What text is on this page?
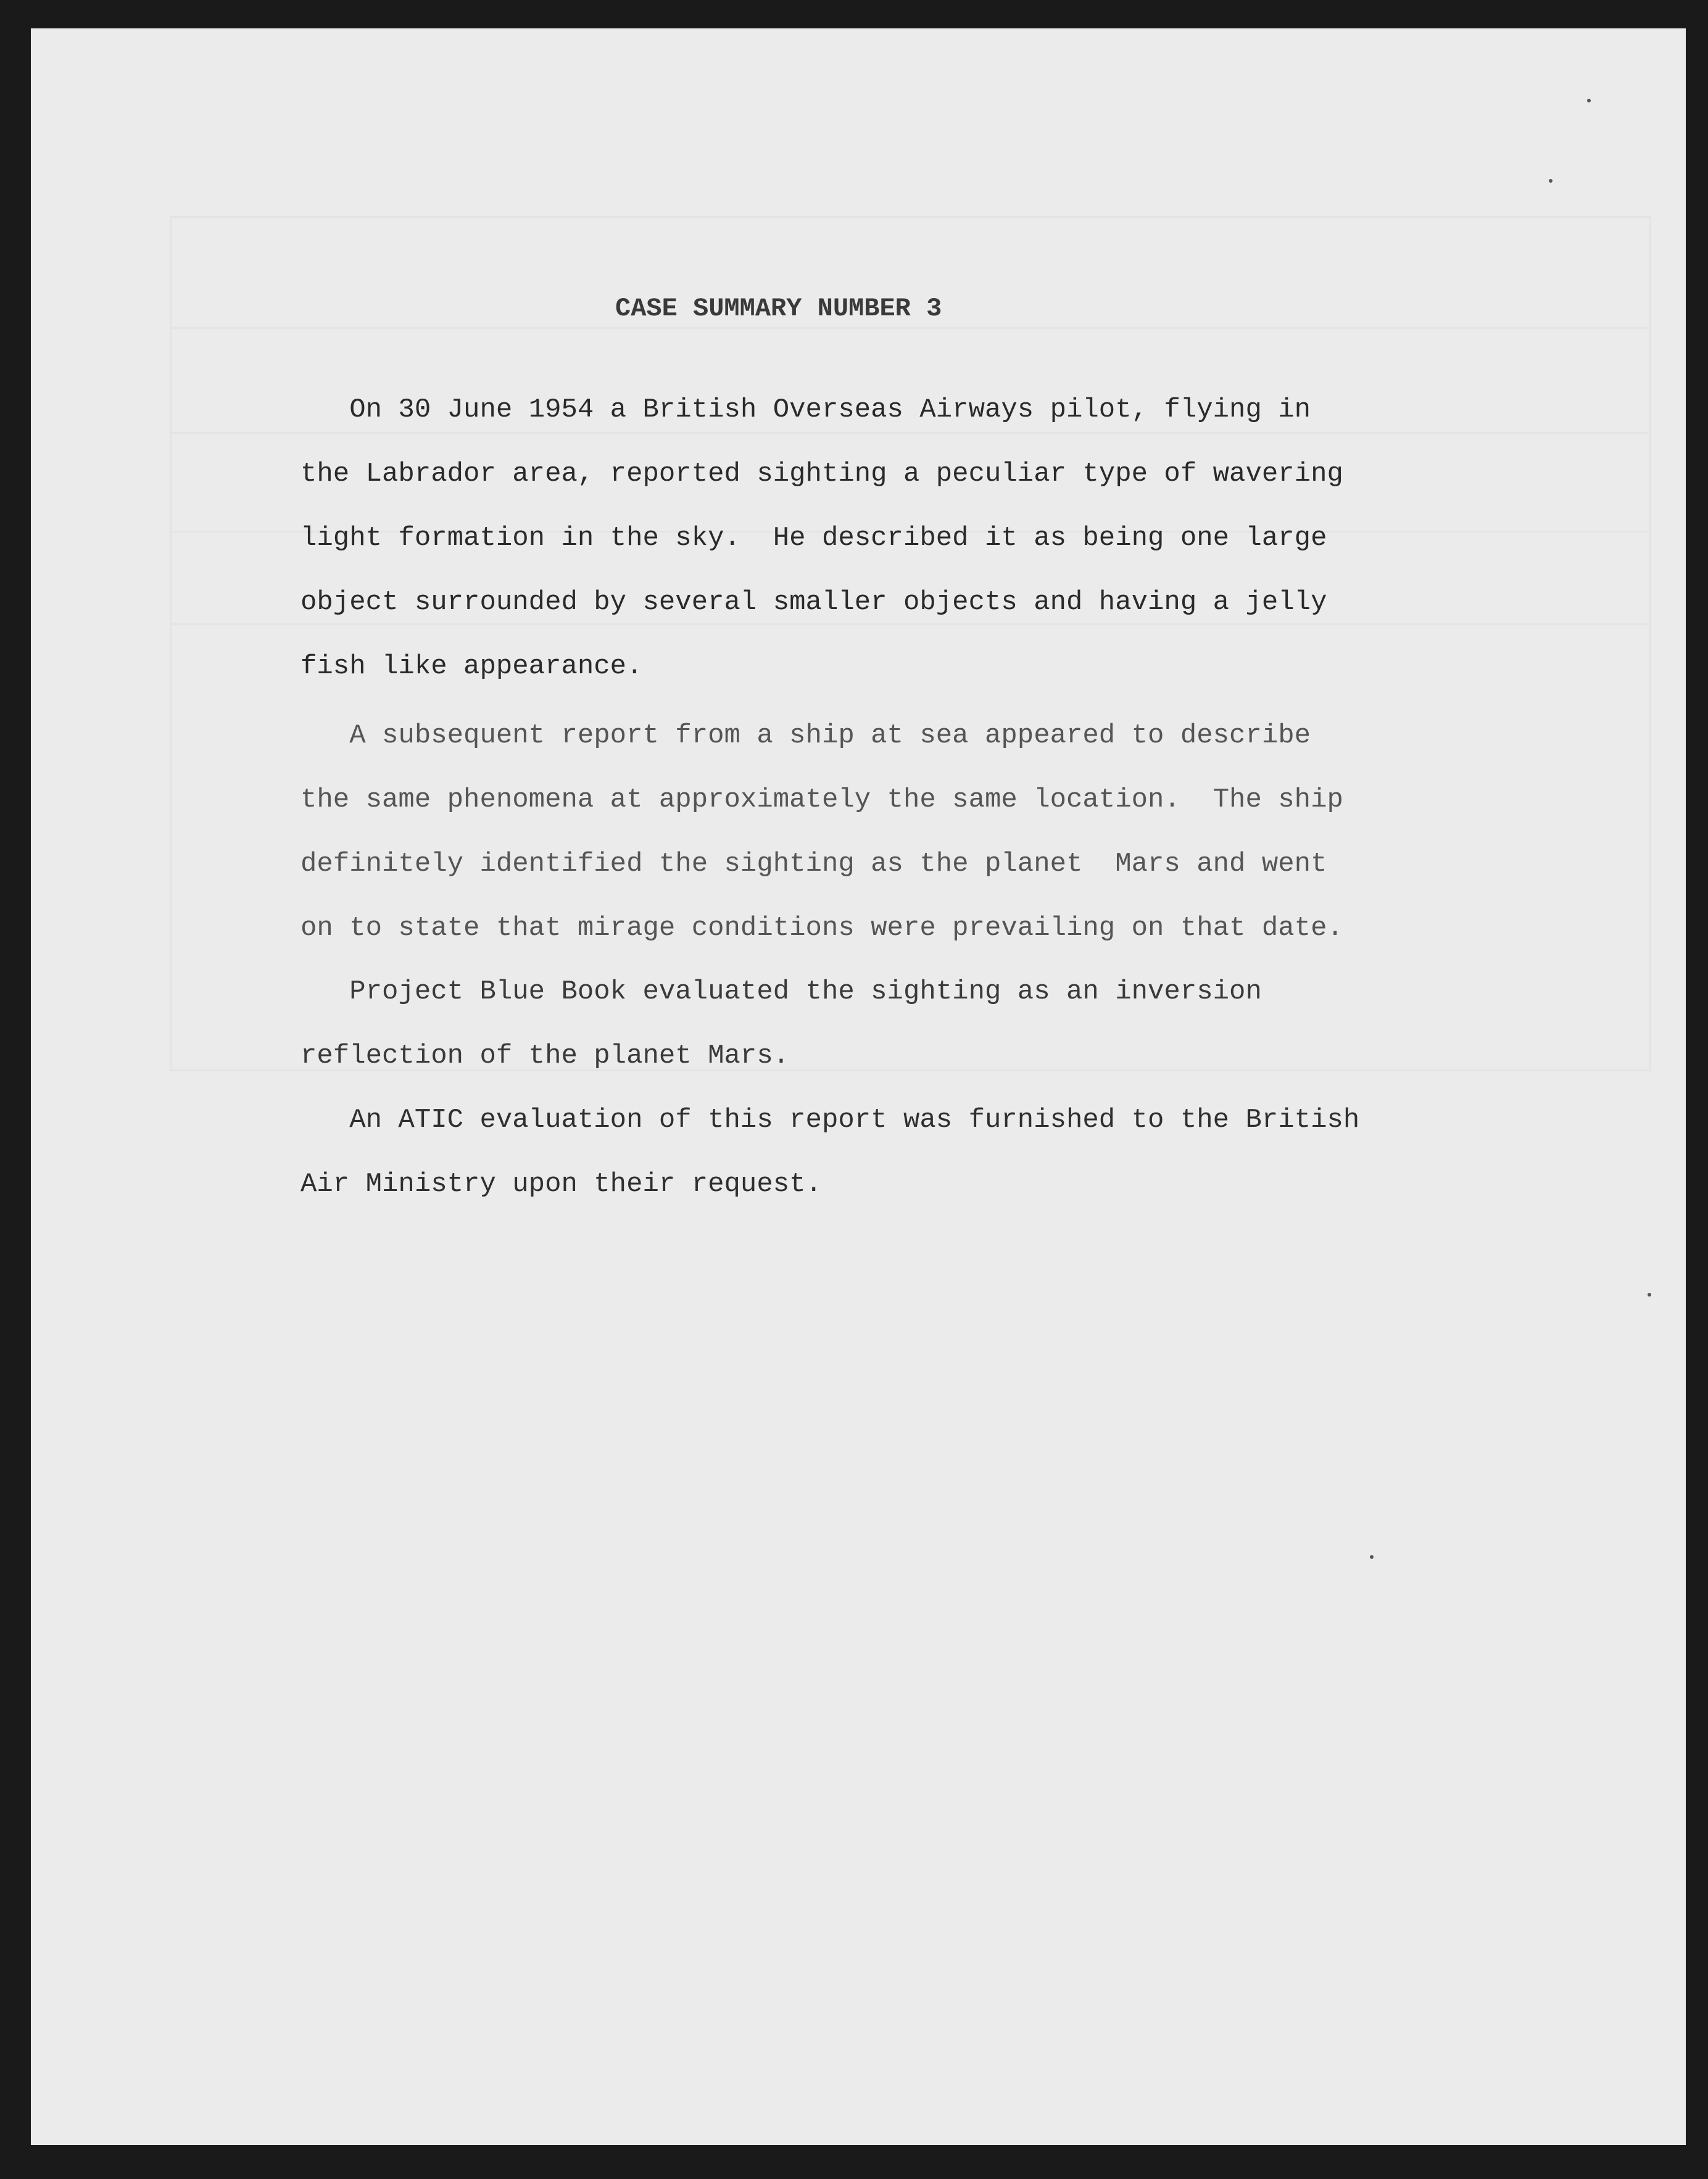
CASE SUMMARY NUMBER 3

On 30 June 1954 a British Overseas Airways pilot, flying in
the Labrador area, reported sighting a peculiar type of wavering
light formation in the sky.  He described it as being one large
object surrounded by several smaller objects and having a jelly
fish like appearance.

A subsequent report from a ship at sea appeared to describe
the same phenomena at approximately the same location.  The ship
definitely identified the sighting as the planet  Mars and went
on to state that mirage conditions were prevailing on that date.

Project Blue Book evaluated the sighting as an inversion
reflection of the planet Mars.

An ATIC evaluation of this report was furnished to the British
Air Ministry upon their request.
